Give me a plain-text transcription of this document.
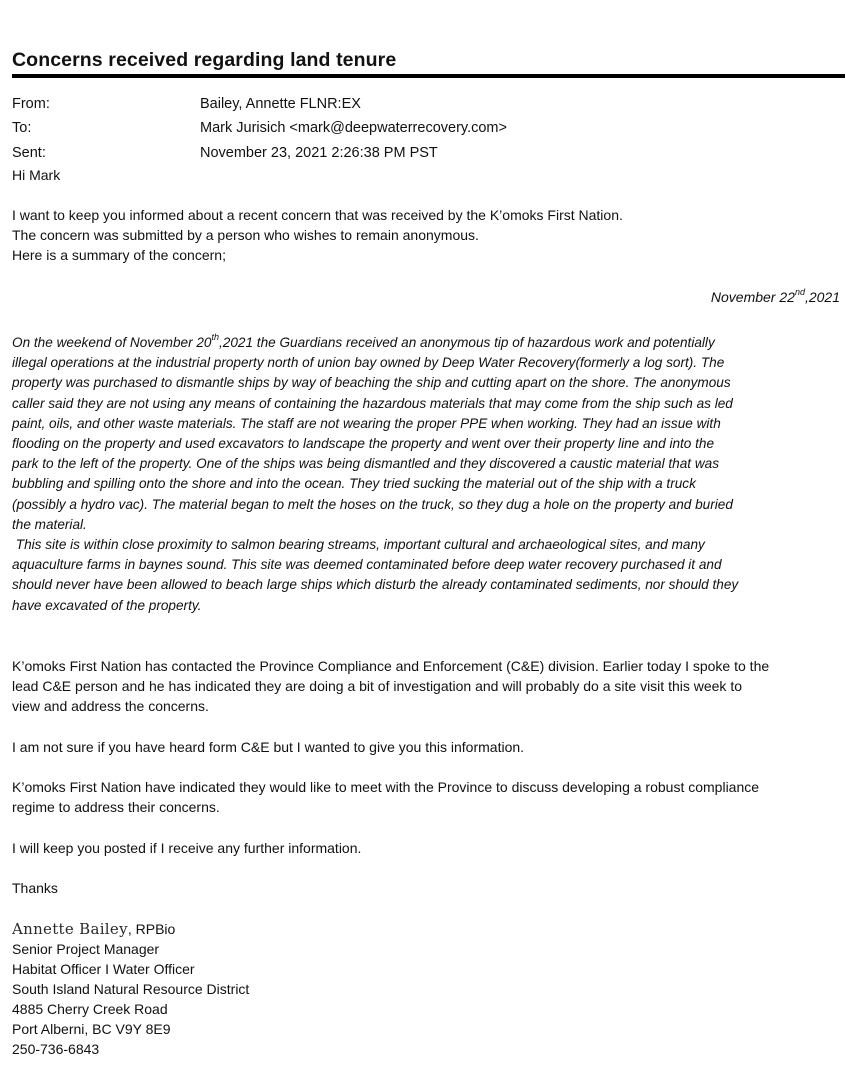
Concerns received regarding land tenure
From:	Bailey, Annette FLNR:EX
To:	Mark Jurisich <mark@deepwaterrecovery.com>
Sent:	November 23, 2021 2:26:38 PM PST
Hi Mark
I want to keep you informed about a recent concern that was received by the K’omoks First Nation.
The concern was submitted by a person who wishes to remain anonymous.
Here is a summary of the concern;
November 22nd,2021
On the weekend of November 20th,2021 the Guardians received an anonymous tip of hazardous work and potentially
illegal operations at the industrial property north of union bay owned by Deep Water Recovery(formerly a log sort). The
property was purchased to dismantle ships by way of beaching the ship and cutting apart on the shore. The anonymous
caller said they are not using any means of containing the hazardous materials that may come from the ship such as led
paint, oils, and other waste materials. The staff are not wearing the proper PPE when working. They had an issue with
flooding on the property and used excavators to landscape the property and went over their property line and into the
park to the left of the property. One of the ships was being dismantled and they discovered a caustic material that was
bubbling and spilling onto the shore and into the ocean. They tried sucking the material out of the ship with a truck
(possibly a hydro vac). The material began to melt the hoses on the truck, so they dug a hole on the property and buried
the material.
This site is within close proximity to salmon bearing streams, important cultural and archaeological sites, and many
aquaculture farms in baynes sound. This site was deemed contaminated before deep water recovery purchased it and
should never have been allowed to beach large ships which disturb the already contaminated sediments, nor should they
have excavated of the property.
K’omoks First Nation has contacted the Province Compliance and Enforcement (C&E) division. Earlier today I spoke to the
lead C&E person and he has indicated they are doing a bit of investigation and will probably do a site visit this week to
view and address the concerns.
I am not sure if you have heard form C&E but I wanted to give you this information.
K’omoks First Nation have indicated they would like to meet with the Province to discuss developing a robust compliance
regime to address their concerns.
I will keep you posted if I receive any further information.
Thanks
Annette Bailey, RPBio
Senior Project Manager
Habitat Officer I Water Officer
South Island Natural Resource District
4885 Cherry Creek Road
Port Alberni, BC V9Y 8E9
250-736-6843
